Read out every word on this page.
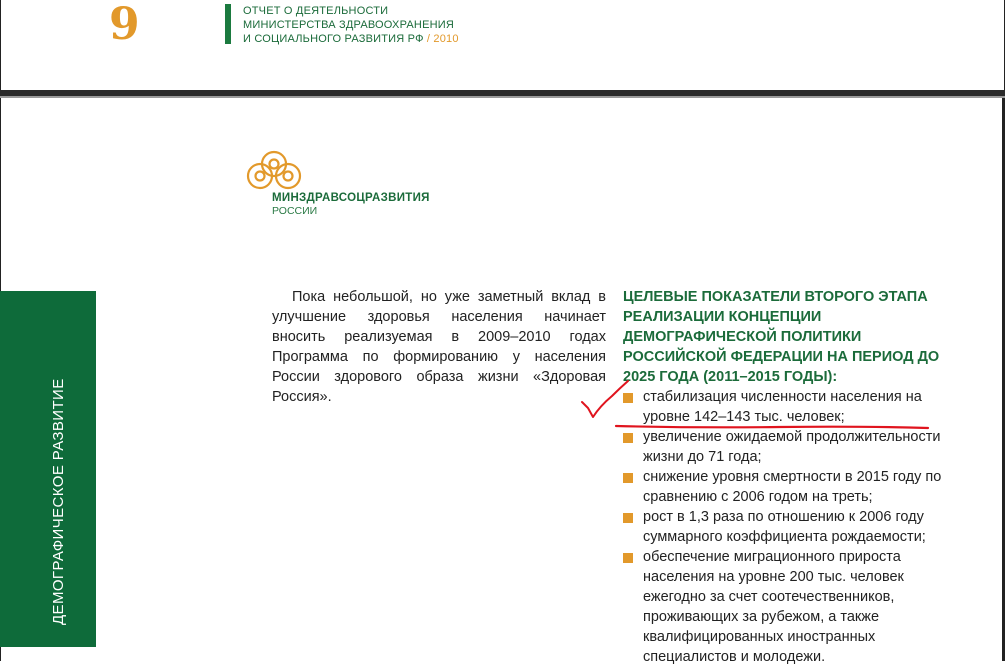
9	ОТЧЕТ О ДЕЯТЕЛЬНОСТИ
МИНИСТЕРСТВА ЗДРАВООХРАНЕНИЯ
И СОЦИАЛЬНОГО РАЗВИТИЯ РФ / 2010
МИНЗДРАВСОЦРАЗВИТИЯ
РОССИИ
ДЕМОГРАФИЧЕСКОЕ РАЗВИТИЕ

Пока небольшой, но уже заметный вклад в улучшение здоровья населения начинает вносить реализуемая в 2009–2010 годах Программа по формированию у населения России здорового образа жизни «Здоровая Россия».

ЦЕЛЕВЫЕ ПОКАЗАТЕЛИ ВТОРОГО ЭТАПА РЕАЛИЗАЦИИ КОНЦЕПЦИИ ДЕМОГРАФИЧЕСКОЙ ПОЛИТИКИ РОССИЙСКОЙ ФЕДЕРАЦИИ НА ПЕРИОД ДО 2025 ГОДА (2011–2015 ГОДЫ):
стабилизация численности населения на уровне 142–143 тыс. человек;
увеличение ожидаемой продолжительности жизни до 71 года;
снижение уровня смертности в 2015 году по сравнению с 2006 годом на треть;
рост в 1,3 раза по отношению к 2006 году суммарного коэффициента рождаемости;
обеспечение миграционного прироста населения на уровне 200 тыс. человек ежегодно за счет соотечественников, проживающих за рубежом, а также квалифицированных иностранных специалистов и молодежи.
